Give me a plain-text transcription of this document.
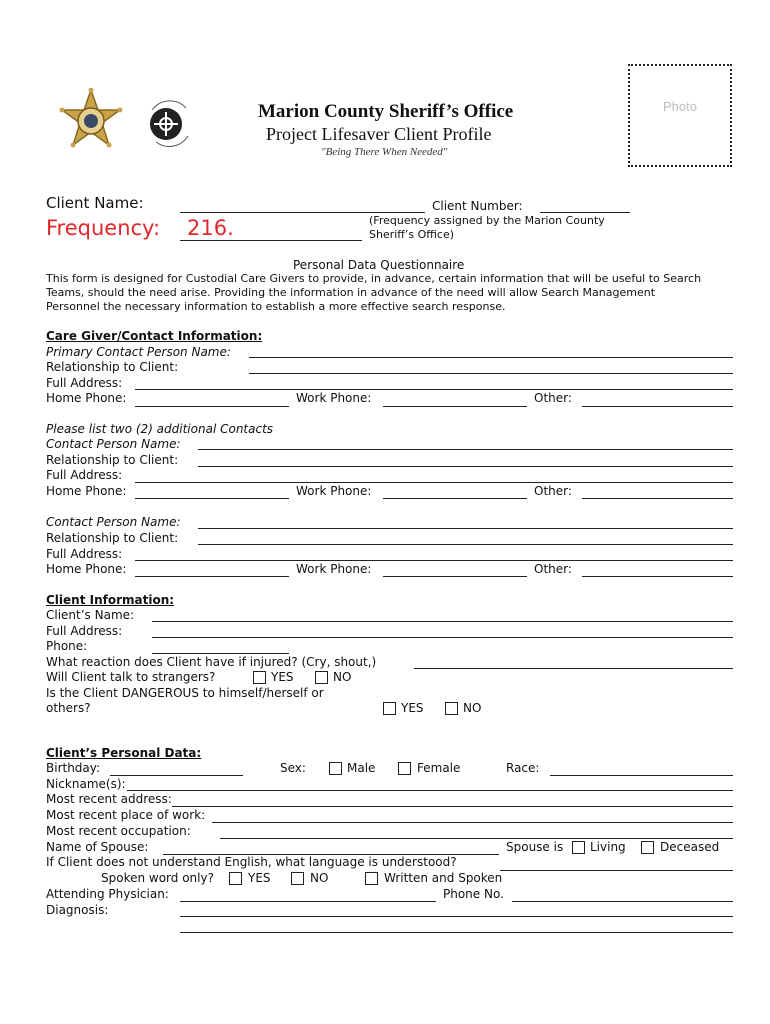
Marion County Sheriff’s Office
Project Lifesaver Client Profile
"Being There When Needed"
Photo
Client Name:	Client Number:
Frequency: 216.	(Frequency assigned by the Marion County Sheriff’s Office)
Personal Data Questionnaire
This form is designed for Custodial Care Givers to provide, in advance, certain information that will be useful to Search
Teams, should the need arise. Providing the information in advance of the need will allow Search Management
Personnel the necessary information to establish a more effective search response.
Care Giver/Contact Information:
Primary Contact Person Name:
Relationship to Client:
Full Address:
Home Phone:	Work Phone:	Other:
Please list two (2) additional Contacts
Contact Person Name:
Relationship to Client:
Full Address:
Home Phone:	Work Phone:	Other:
Contact Person Name:
Relationship to Client:
Full Address:
Home Phone:	Work Phone:	Other:
Client Information:
Client’s Name:
Full Address:
Phone:
What reaction does Client have if injured? (Cry, shout,)
Will Client talk to strangers?	YES	NO
Is the Client DANGEROUS to himself/herself or
others?	YES	NO
Client’s Personal Data:
Birthday:	Sex:	Male	Female	Race:
Nickname(s):
Most recent address:
Most recent place of work:
Most recent occupation:
Name of Spouse:	Spouse is Living	Deceased
If Client does not understand English, what language is understood?
Spoken word only?	YES	NO	Written and Spoken
Attending Physician:	Phone No.
Diagnosis:
